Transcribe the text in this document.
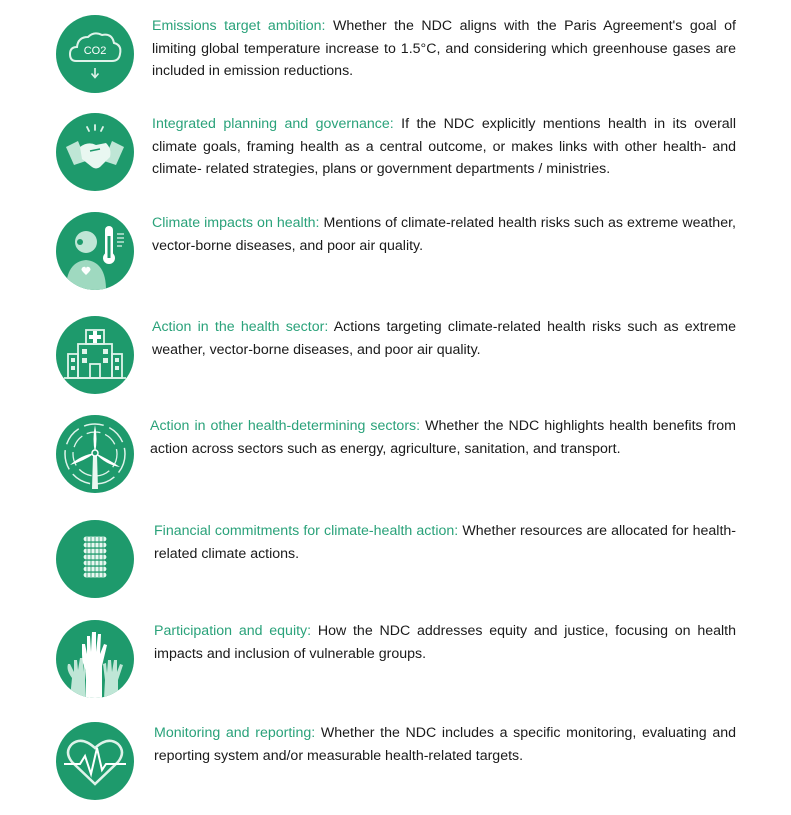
CO2

Emissions target ambition: Whether the NDC aligns with the Paris Agreement's goal of limiting global temperature increase to 1.5°C, and considering which greenhouse gases are included in emission reductions.

Integrated planning and governance: If the NDC explicitly mentions health in its overall climate goals, framing health as a central outcome, or makes links with other health- and climate- related strategies, plans or government departments / ministries.

Climate impacts on health: Mentions of climate-related health risks such as extreme weather, vector-borne diseases, and poor air quality.

Action in the health sector: Actions targeting climate-related health risks such as extreme weather, vector-borne diseases, and poor air quality.

Action in other health-determining sectors: Whether the NDC highlights health benefits from action across sectors such as energy, agriculture, sanitation, and transport.

Financial commitments for climate-health action: Whether resources are allocated for health-related climate actions.

Participation and equity: How the NDC addresses equity and justice, focusing on health impacts and inclusion of vulnerable groups.

Monitoring and reporting: Whether the NDC includes a specific monitoring, evaluating and reporting system and/or measurable health-related targets.
